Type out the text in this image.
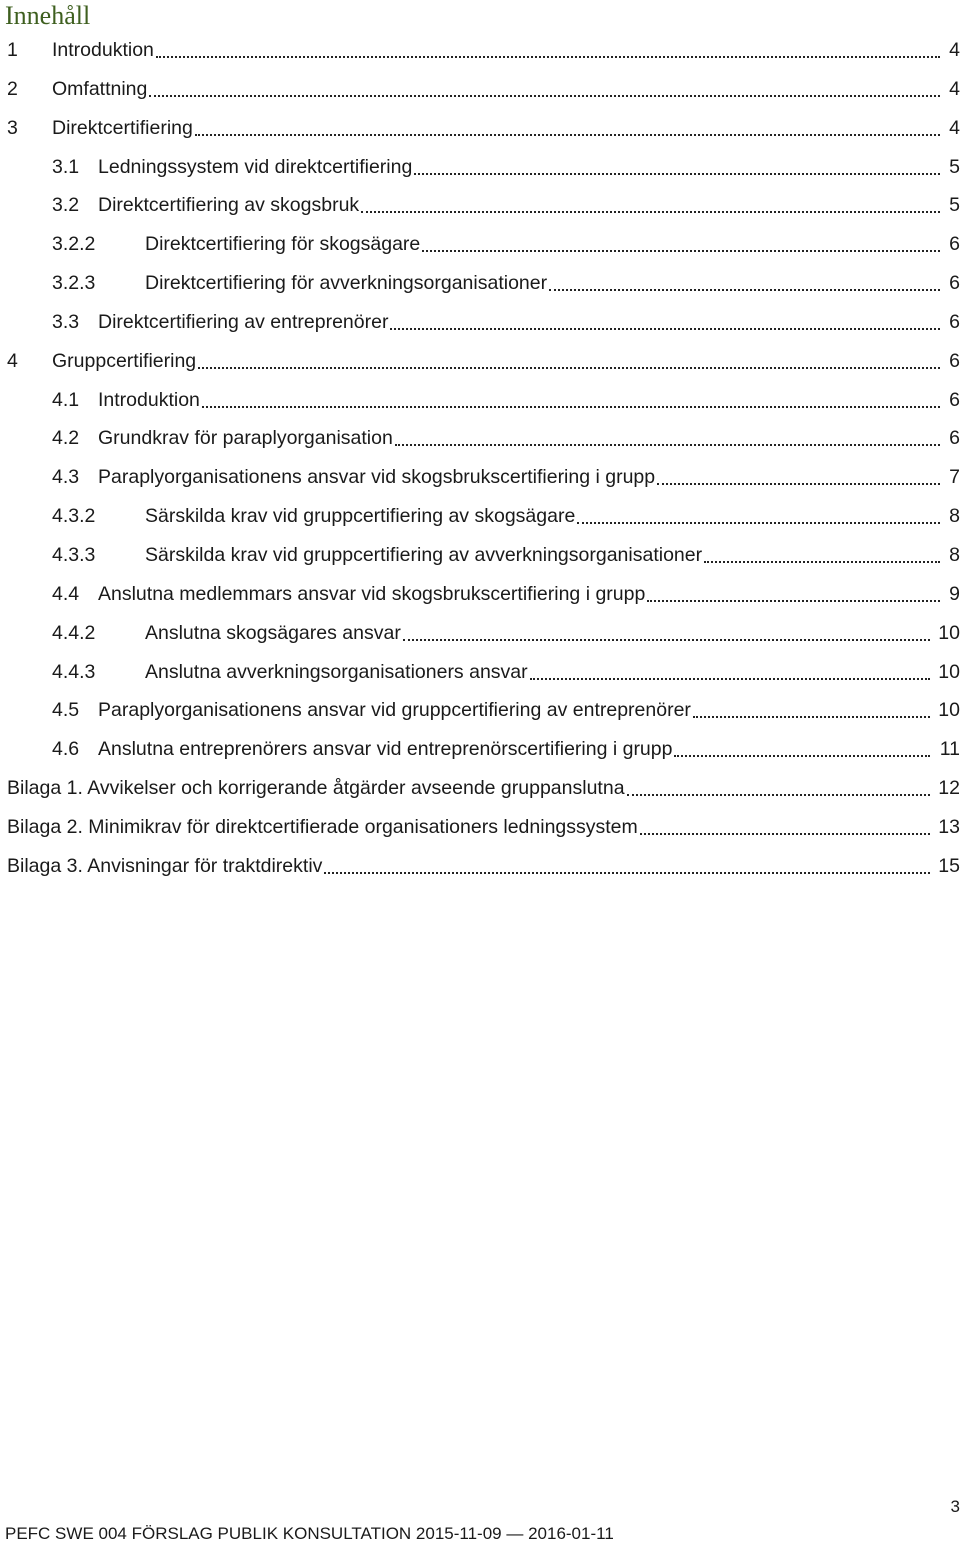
Innehåll
1 Introduktion	4
2 Omfattning	4
3 Direktcertifiering	4
3.1 Ledningssystem vid direktcertifiering	5
3.2 Direktcertifiering av skogsbruk	5
3.2.2	Direktcertifiering för skogsägare	6
3.2.3	Direktcertifiering för avverkningsorganisationer	6
3.3 Direktcertifiering av entreprenörer	6
4 Gruppcertifiering	6
4.1 Introduktion	6
4.2 Grundkrav för paraplyorganisation	6
4.3 Paraplyorganisationens ansvar vid skogsbrukscertifiering i grupp	7
4.3.2	Särskilda krav vid gruppcertifiering av skogsägare	8
4.3.3	Särskilda krav vid gruppcertifiering av avverkningsorganisationer	8
4.4 Anslutna medlemmars ansvar vid skogsbrukscertifiering i grupp	9
4.4.2	Anslutna skogsägares ansvar	10
4.4.3	Anslutna avverkningsorganisationers ansvar	10
4.5 Paraplyorganisationens ansvar vid gruppcertifiering av entreprenörer	10
4.6 Anslutna entreprenörers ansvar vid entreprenörscertifiering i grupp	11
Bilaga 1. Avvikelser och korrigerande åtgärder avseende gruppanslutna	12
Bilaga 2. Minimikrav för direktcertifierade organisationers ledningssystem	13
Bilaga 3. Anvisningar för traktdirektiv	15
3
PEFC SWE 004 FÖRSLAG PUBLIK KONSULTATION 2015-11-09 — 2016-01-11
